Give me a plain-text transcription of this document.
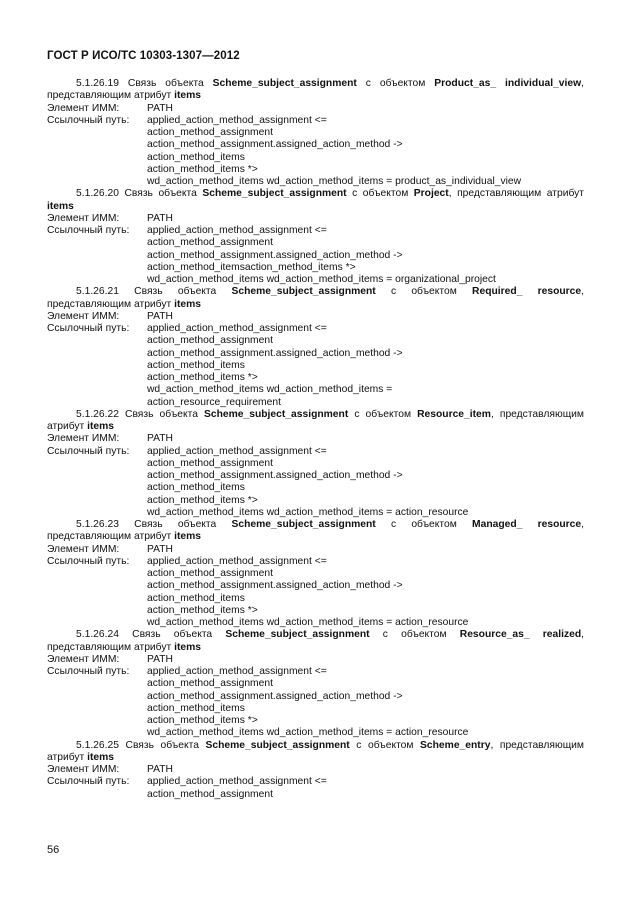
ГОСТ Р ИСО/ТС 10303-1307—2012
5.1.26.19 Связь объекта Scheme_subject_assignment с объектом Product_as_ individual_view, представляющим атрибут items
Элемент ИММ:	PATH
Ссылочный путь:	applied_action_method_assignment <=
action_method_assignment
action_method_assignment.assigned_action_method ->
action_method_items
action_method_items *>
wd_action_method_items wd_action_method_items = product_as_individual_view
5.1.26.20 Связь объекта Scheme_subject_assignment с объектом Project, представляющим атрибут items
Элемент ИММ:	PATH
Ссылочный путь:	applied_action_method_assignment <=
action_method_assignment
action_method_assignment.assigned_action_method ->
action_method_itemsaction_method_items *>
wd_action_method_items wd_action_method_items = organizational_project
5.1.26.21 Связь объекта Scheme_subject_assignment с объектом Required_ resource, представляющим атрибут items
Элемент ИММ:	PATH
Ссылочный путь:	applied_action_method_assignment <=
action_method_assignment
action_method_assignment.assigned_action_method ->
action_method_items
action_method_items *>
wd_action_method_items wd_action_method_items =
action_resource_requirement
5.1.26.22 Связь объекта Scheme_subject_assignment с объектом Resource_item, представляющим атрибут items
Элемент ИММ:	PATH
Ссылочный путь:	applied_action_method_assignment <=
action_method_assignment
action_method_assignment.assigned_action_method ->
action_method_items
action_method_items *>
wd_action_method_items wd_action_method_items = action_resource
5.1.26.23 Связь объекта Scheme_subject_assignment с объектом Managed_ resource, представляющим атрибут items
Элемент ИММ:	PATH
Ссылочный путь:	applied_action_method_assignment <=
action_method_assignment
action_method_assignment.assigned_action_method ->
action_method_items
action_method_items *>
wd_action_method_items wd_action_method_items = action_resource
5.1.26.24 Связь объекта Scheme_subject_assignment с объектом Resource_as_ realized, представляющим атрибут items
Элемент ИММ:	PATH
Ссылочный путь:	applied_action_method_assignment <=
action_method_assignment
action_method_assignment.assigned_action_method ->
action_method_items
action_method_items *>
wd_action_method_items wd_action_method_items = action_resource
5.1.26.25 Связь объекта Scheme_subject_assignment с объектом Scheme_entry, представляющим атрибут items
Элемент ИММ:	PATH
Ссылочный путь:	applied_action_method_assignment <=
action_method_assignment
56
